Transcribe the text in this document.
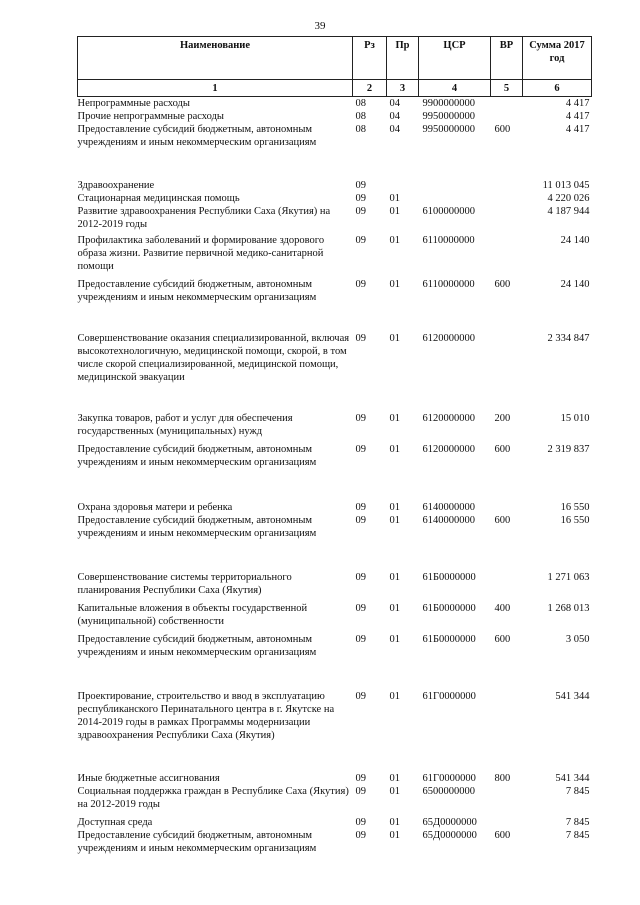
39
Наименование	Рз	Пр	ЦСР	ВР	Сумма 2017 год
1	2	3	4	5	6
Непрограммные расходы	08	04	9900000000		4 417
Прочие непрограммные расходы	08	04	9950000000		4 417
Предоставление субсидий бюджетным, автономным учреждениям и иным некоммерческим организациям	08	04	9950000000	600	4 417
Здравоохранение	09				11 013 045
Стационарная медицинская помощь	09	01			4 220 026
Развитие здравоохранения Республики Саха (Якутия) на 2012-2019 годы	09	01	6100000000		4 187 944
Профилактика заболеваний и формирование здорового образа жизни. Развитие первичной медико-санитарной помощи	09	01	6110000000		24 140
Предоставление субсидий бюджетным, автономным учреждениям и иным некоммерческим организациям	09	01	6110000000	600	24 140
Совершенствование оказания специализированной, включая высокотехнологичную, медицинской помощи, скорой, в том числе скорой специализированной, медицинской помощи, медицинской эвакуации	09	01	6120000000		2 334 847
Закупка товаров, работ и услуг для обеспечения государственных (муниципальных) нужд	09	01	6120000000	200	15 010
Предоставление субсидий бюджетным, автономным учреждениям и иным некоммерческим организациям	09	01	6120000000	600	2 319 837
Охрана здоровья матери и ребенка	09	01	6140000000		16 550
Предоставление субсидий бюджетным, автономным учреждениям и иным некоммерческим организациям	09	01	6140000000	600	16 550
Совершенствование системы территориального планирования Республики Саха (Якутия)	09	01	61Б0000000		1 271 063
Капитальные вложения в объекты государственной (муниципальной) собственности	09	01	61Б0000000	400	1 268 013
Предоставление субсидий бюджетным, автономным учреждениям и иным некоммерческим организациям	09	01	61Б0000000	600	3 050
Проектирование, строительство и ввод в эксплуатацию республиканского Перинатального центра в г. Якутске на 2014-2019 годы в рамках Программы модернизации здравоохранения Республики Саха (Якутия)	09	01	61Г0000000		541 344
Иные бюджетные ассигнования	09	01	61Г0000000	800	541 344
Социальная поддержка граждан в Республике Саха (Якутия) на 2012-2019 годы	09	01	6500000000		7 845
Доступная среда	09	01	65Д0000000		7 845
Предоставление субсидий бюджетным, автономным учреждениям и иным некоммерческим организациям	09	01	65Д0000000	600	7 845
